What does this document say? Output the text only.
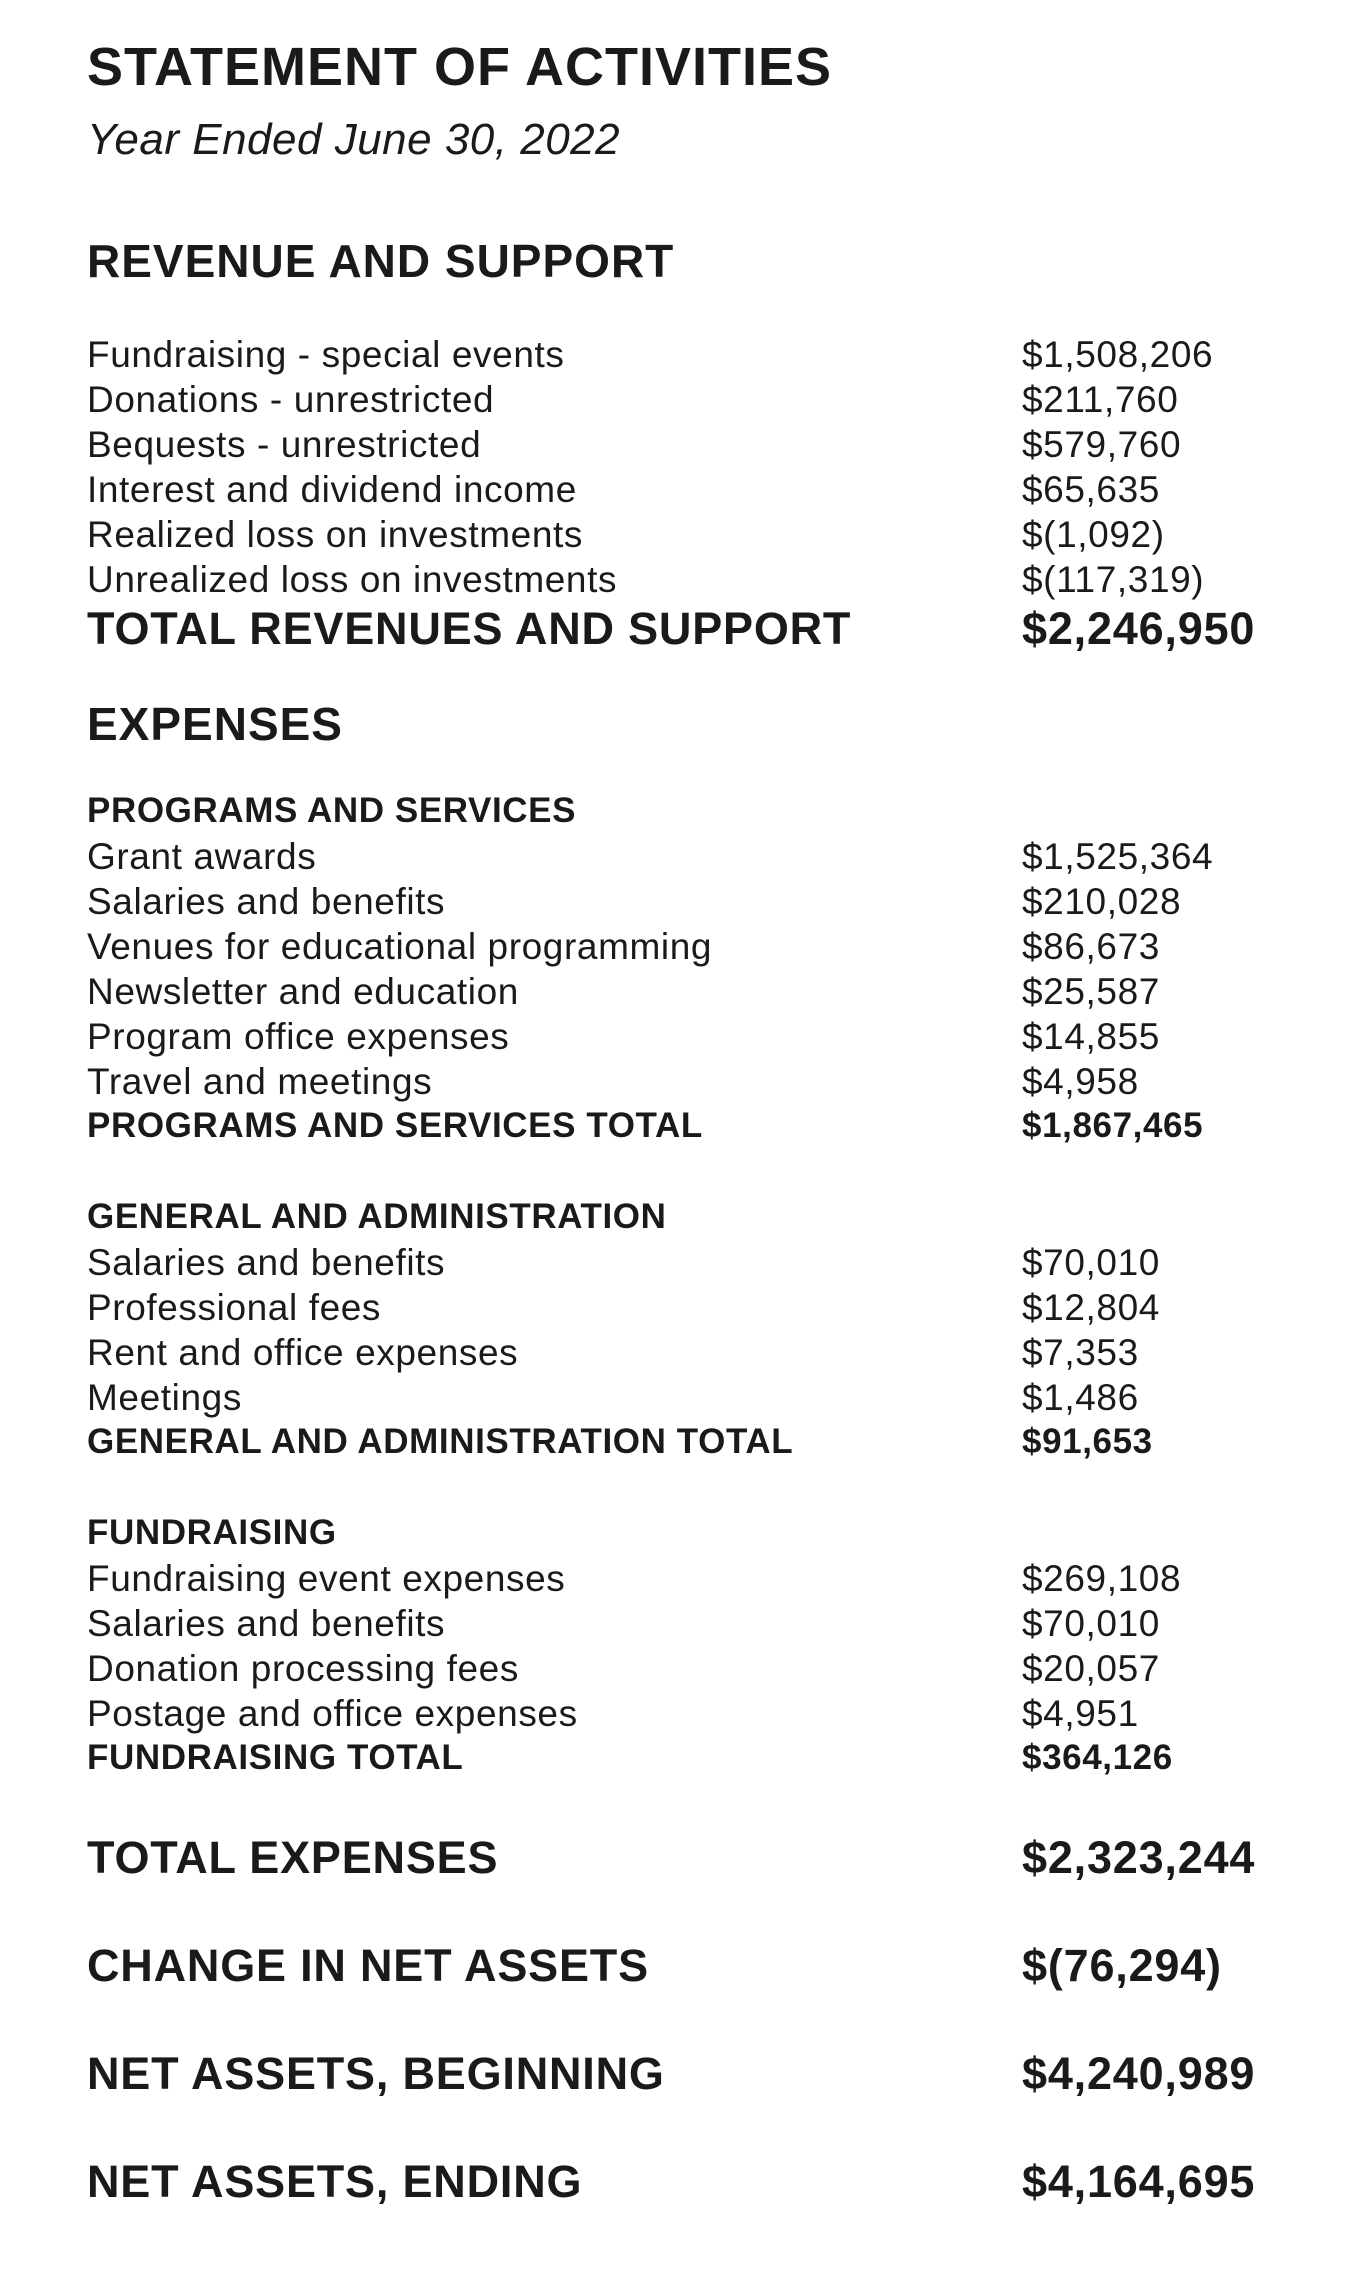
STATEMENT OF ACTIVITIES
Year Ended June 30, 2022
REVENUE AND SUPPORT
Fundraising - special events	$1,508,206
Donations - unrestricted	$211,760
Bequests - unrestricted	$579,760
Interest and dividend income	$65,635
Realized loss on investments	$(1,092)
Unrealized loss on investments	$(117,319)
TOTAL REVENUES AND SUPPORT	$2,246,950
EXPENSES
PROGRAMS AND SERVICES
Grant awards	$1,525,364
Salaries and benefits	$210,028
Venues for educational programming	$86,673
Newsletter and education	$25,587
Program office expenses	$14,855
Travel and meetings	$4,958
PROGRAMS AND SERVICES TOTAL	$1,867,465
GENERAL AND ADMINISTRATION
Salaries and benefits	$70,010
Professional fees	$12,804
Rent and office expenses	$7,353
Meetings	$1,486
GENERAL AND ADMINISTRATION TOTAL	$91,653
FUNDRAISING
Fundraising event expenses	$269,108
Salaries and benefits	$70,010
Donation processing fees	$20,057
Postage and office expenses	$4,951
FUNDRAISING TOTAL	$364,126
TOTAL EXPENSES	$2,323,244
CHANGE IN NET ASSETS	$(76,294)
NET ASSETS, BEGINNING	$4,240,989
NET ASSETS, ENDING	$4,164,695
